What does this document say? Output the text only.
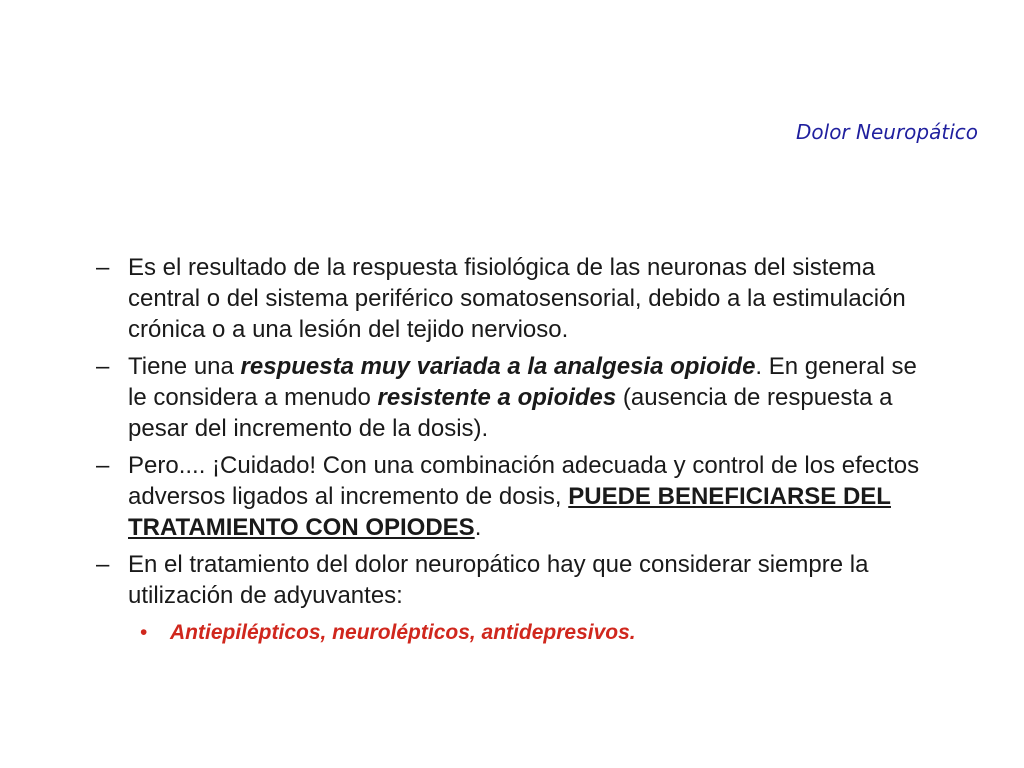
Dolor Neuropático
– Es el resultado de la respuesta fisiológica de las neuronas del sistema central o del sistema periférico somatosensorial, debido a la estimulación crónica o a una lesión del tejido nervioso.
– Tiene una respuesta muy variada a la analgesia opioide. En general se le considera a menudo resistente a opioides (ausencia de respuesta a pesar del incremento de la dosis).
– Pero.... ¡Cuidado! Con una combinación adecuada y control de los efectos adversos ligados al incremento de dosis, PUEDE BENEFICIARSE DEL TRATAMIENTO CON OPIODES.
– En el tratamiento del dolor neuropático hay que considerar siempre la utilización de adyuvantes:
•	Antiepilépticos, neurolépticos, antidepresivos.
